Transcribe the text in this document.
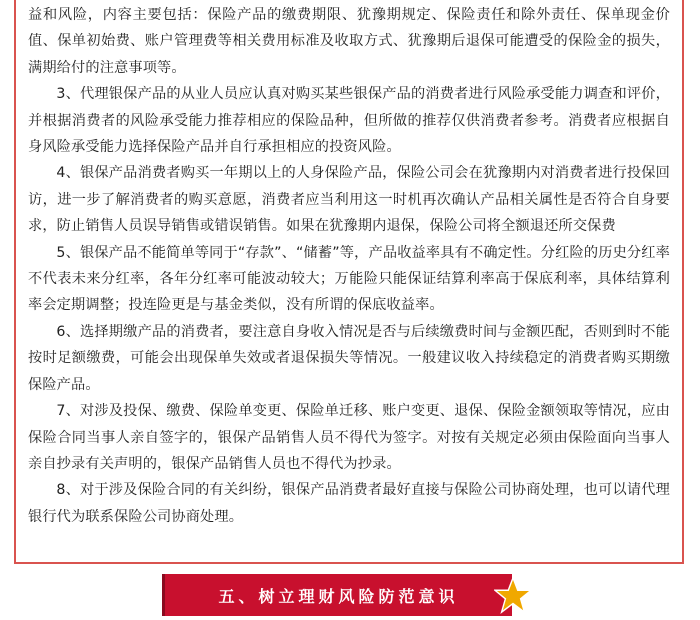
益和风险，内容主要包括：保险产品的缴费期限、犹豫期规定、保险责任和除外责任、保单现金价值、保单初始费、账户管理费等相关费用标准及收取方式、犹豫期后退保可能遭受的保险金的损失，满期给付的注意事项等。

3、代理银保产品的从业人员应认真对购买某些银保产品的消费者进行风险承受能力调查和评价，并根据消费者的风险承受能力推荐相应的保险品种，但所做的推荐仅供消费者参考。消费者应根据自身风险承受能力选择保险产品并自行承担相应的投资风险。

4、银保产品消费者购买一年期以上的人身保险产品，保险公司会在犹豫期内对消费者进行投保回访，进一步了解消费者的购买意愿，消费者应当利用这一时机再次确认产品相关属性是否符合自身要求，防止销售人员误导销售或错误销售。如果在犹豫期内退保，保险公司将全额退还所交保费

5、银保产品不能简单等同于“存款”、“储蓄”等，产品收益率具有不确定性。分红险的历史分红率不代表未来分红率，各年分红率可能波动较大；万能险只能保证结算利率高于保底利率，具体结算利率会定期调整；投连险更是与基金类似，没有所谓的保底收益率。

6、选择期缴产品的消费者，要注意自身收入情况是否与后续缴费时间与金额匹配，否则到时不能按时足额缴费，可能会出现保单失效或者退保损失等情况。一般建议收入持续稳定的消费者购买期缴保险产品。

7、对涉及投保、缴费、保险单变更、保险单迁移、账户变更、退保、保险金额领取等情况，应由保险合同当事人亲自签字的，银保产品销售人员不得代为签字。对按有关规定必须由保险面向当事人亲自抄录有关声明的，银保产品销售人员也不得代为抄录。

8、对于涉及保险合同的有关纠纷，银保产品消费者最好直接与保险公司协商处理，也可以请代理银行代为联系保险公司协商处理。

五、树立理财风险防范意识
